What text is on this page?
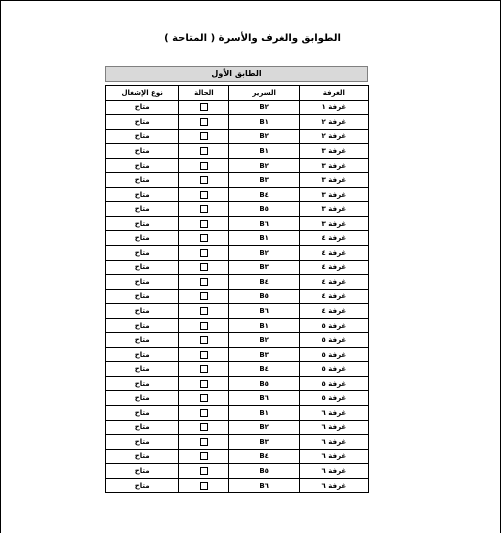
الطوابق والغرف والأسرة ( المتاحة )
الطابق الأول
الغرفة	السرير	الحالة	نوع الإشغال
غرفة ١	B٢		متاح
غرفة ٢	B١		متاح
غرفة ٢	B٢		متاح
غرفة ٣	B١		متاح
غرفة ٣	B٢		متاح
غرفة ٣	B٣		متاح
غرفة ٣	B٤		متاح
غرفة ٣	B٥		متاح
غرفة ٣	B٦		متاح
غرفة ٤	B١		متاح
غرفة ٤	B٢		متاح
غرفة ٤	B٣		متاح
غرفة ٤	B٤		متاح
غرفة ٤	B٥		متاح
غرفة ٤	B٦		متاح
غرفة ٥	B١		متاح
غرفة ٥	B٢		متاح
غرفة ٥	B٣		متاح
غرفة ٥	B٤		متاح
غرفة ٥	B٥		متاح
غرفة ٥	B٦		متاح
غرفة ٦	B١		متاح
غرفة ٦	B٢		متاح
غرفة ٦	B٣		متاح
غرفة ٦	B٤		متاح
غرفة ٦	B٥		متاح
غرفة ٦	B٦		متاح
